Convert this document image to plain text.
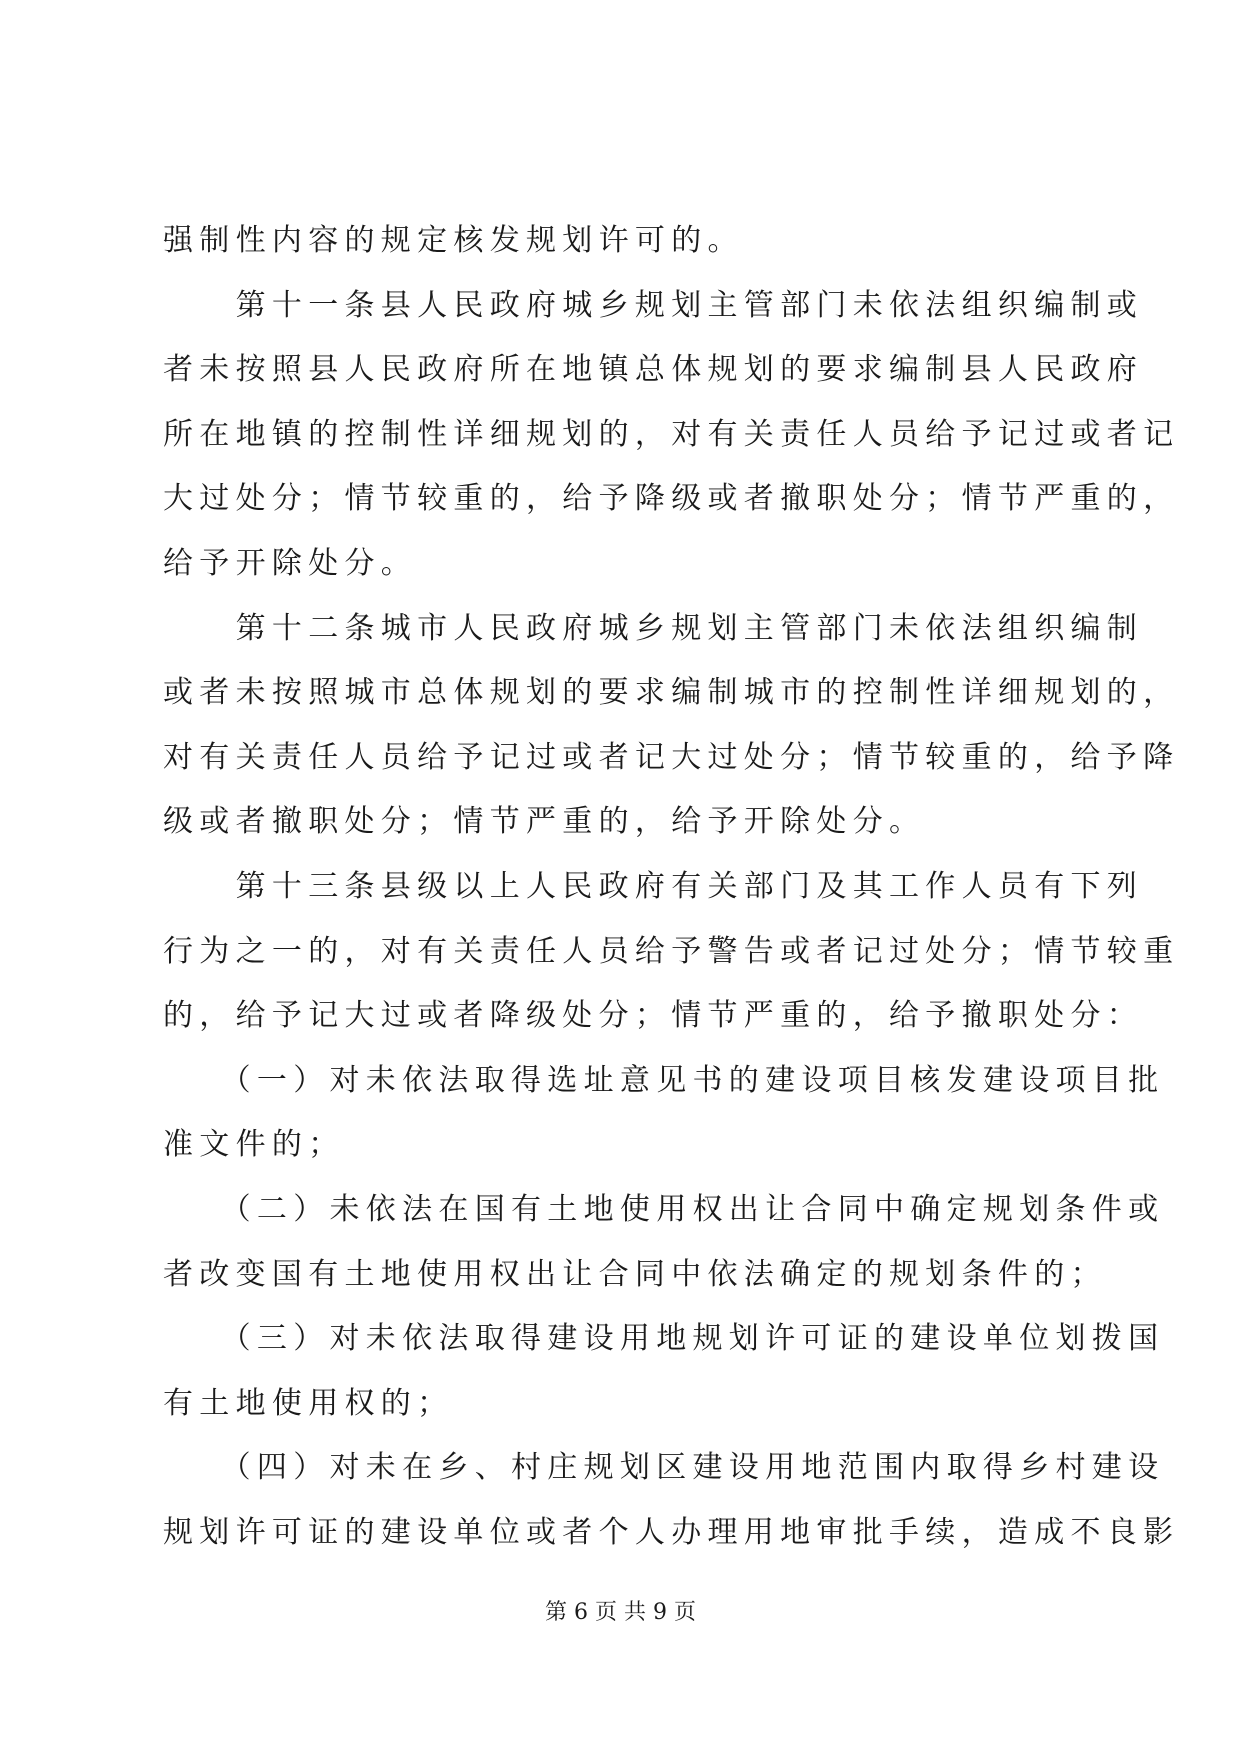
强制性内容的规定核发规划许可的。
　　第十一条县人民政府城乡规划主管部门未依法组织编制或
者未按照县人民政府所在地镇总体规划的要求编制县人民政府
所在地镇的控制性详细规划的，对有关责任人员给予记过或者记
大过处分；情节较重的，给予降级或者撤职处分；情节严重的，
给予开除处分。
　　第十二条城市人民政府城乡规划主管部门未依法组织编制
或者未按照城市总体规划的要求编制城市的控制性详细规划的，
对有关责任人员给予记过或者记大过处分；情节较重的，给予降
级或者撤职处分；情节严重的，给予开除处分。
　　第十三条县级以上人民政府有关部门及其工作人员有下列
行为之一的，对有关责任人员给予警告或者记过处分；情节较重
的，给予记大过或者降级处分；情节严重的，给予撤职处分：
　　（一）对未依法取得选址意见书的建设项目核发建设项目批
准文件的；
　　（二）未依法在国有土地使用权出让合同中确定规划条件或
者改变国有土地使用权出让合同中依法确定的规划条件的；
　　（三）对未依法取得建设用地规划许可证的建设单位划拨国
有土地使用权的；
　　（四）对未在乡、村庄规划区建设用地范围内取得乡村建设
规划许可证的建设单位或者个人办理用地审批手续，造成不良影
第 6 页 共 9 页
